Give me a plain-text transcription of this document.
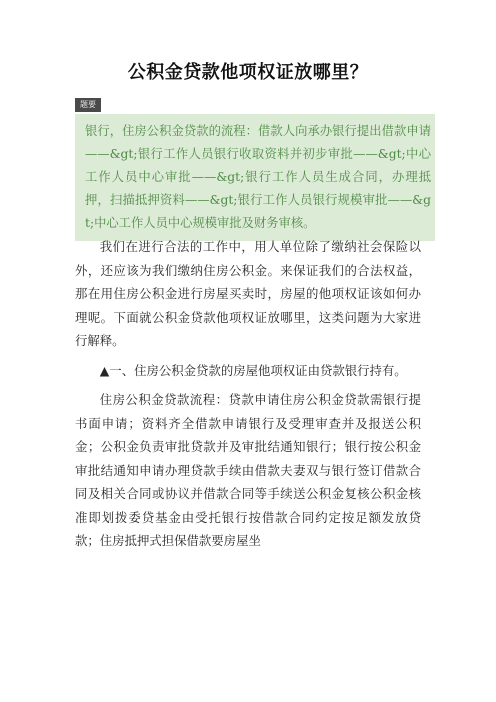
公积金贷款他项权证放哪里？
题要
银行，住房公积金贷款的流程：借款人向承办银行提出借款申请——&gt;银行工作人员银行收取资料并初步审批——&gt;中心工作人员中心审批——&gt;银行工作人员生成合同，办理抵押，扫描抵押资料——&gt;银行工作人员银行规模审批——&gt;中心工作人员中心规模审批及财务审核。

我们在进行合法的工作中，用人单位除了缴纳社会保险以外，还应该为我们缴纳住房公积金。来保证我们的合法权益，那在用住房公积金进行房屋买卖时，房屋的他项权证该如何办理呢。下面就公积金贷款他项权证放哪里，这类问题为大家进行解释。

▲一、住房公积金贷款的房屋他项权证由贷款银行持有。

住房公积金贷款流程：贷款申请住房公积金贷款需银行提书面申请；资料齐全借款申请银行及受理审查并及报送公积金；公积金负责审批贷款并及审批结通知银行；银行按公积金审批结通知申请办理贷款手续由借款夫妻双与银行签订借款合同及相关合同或协议并借款合同等手续送公积金复核公积金核准即划拨委贷基金由受托银行按借款合同约定按足额发放贷款；住房抵押式担保借款要房屋坐
